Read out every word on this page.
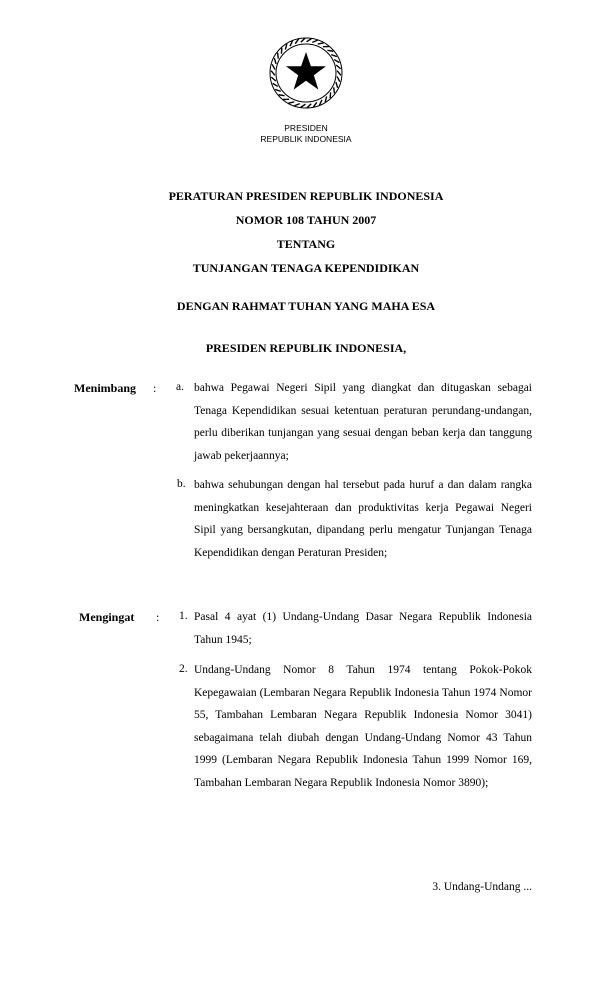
PRESIDEN
REPUBLIK INDONESIA
PERATURAN PRESIDEN REPUBLIK INDONESIA
NOMOR 108 TAHUN 2007
TENTANG
TUNJANGAN TENAGA KEPENDIDIKAN
DENGAN RAHMAT TUHAN YANG MAHA ESA
PRESIDEN REPUBLIK INDONESIA,
Menimbang : a. bahwa Pegawai Negeri Sipil yang diangkat dan ditugaskan sebagai Tenaga Kependidikan sesuai ketentuan peraturan perundang-undangan, perlu diberikan tunjangan yang sesuai dengan beban kerja dan tanggung jawab pekerjaannya;
b. bahwa sehubungan dengan hal tersebut pada huruf a dan dalam rangka meningkatkan kesejahteraan dan produktivitas kerja Pegawai Negeri Sipil yang bersangkutan, dipandang perlu mengatur Tunjangan Tenaga Kependidikan dengan Peraturan Presiden;
Mengingat : 1. Pasal 4 ayat (1) Undang-Undang Dasar Negara Republik Indonesia Tahun 1945;
2. Undang-Undang Nomor 8 Tahun 1974 tentang Pokok-Pokok Kepegawaian (Lembaran Negara Republik Indonesia Tahun 1974 Nomor 55, Tambahan Lembaran Negara Republik Indonesia Nomor 3041) sebagaimana telah diubah dengan Undang-Undang Nomor 43 Tahun 1999 (Lembaran Negara Republik Indonesia Tahun 1999 Nomor 169, Tambahan Lembaran Negara Republik Indonesia Nomor 3890);
3. Undang-Undang ...
